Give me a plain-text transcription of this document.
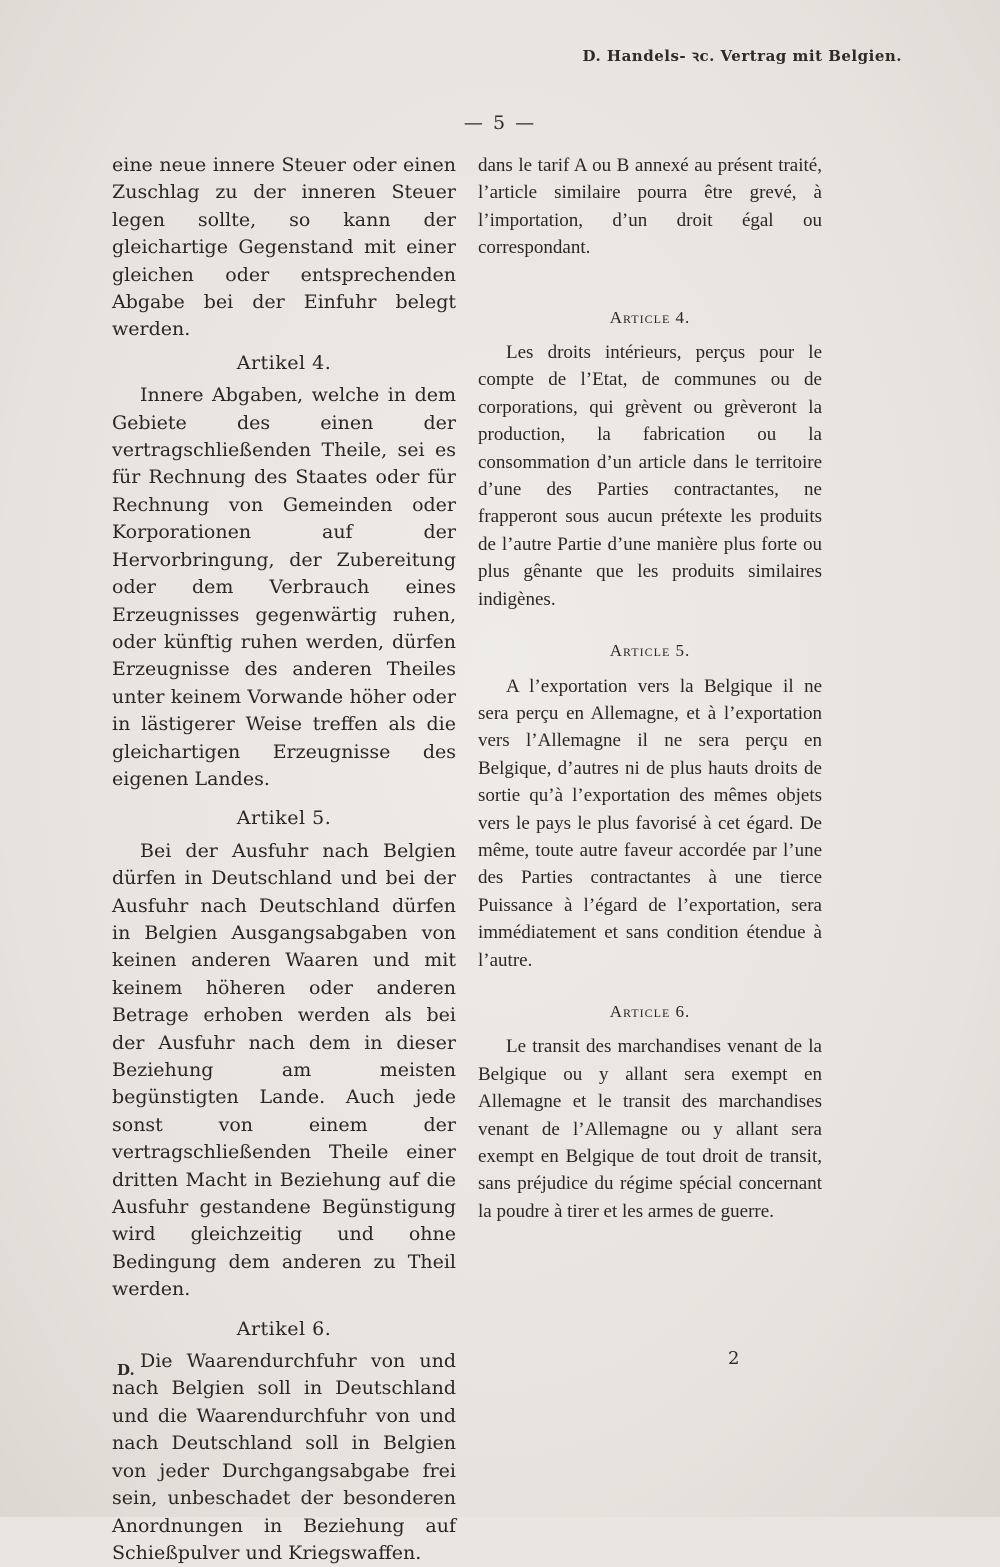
D. Handels- ꝛc. Vertrag mit Belgien.
— 5 —

eine neue innere Steuer oder einen Zuschlag zu der inneren Steuer legen sollte, so kann der gleichartige Gegenstand mit einer gleichen oder entsprechenden Abgabe bei der Einfuhr belegt werden.

Artikel 4.

Innere Abgaben, welche in dem Gebiete des einen der vertragschließenden Theile, sei es für Rechnung des Staates oder für Rechnung von Gemeinden oder Korporationen auf der Hervorbringung, der Zubereitung oder dem Verbrauch eines Erzeugnisses gegenwärtig ruhen, oder künftig ruhen werden, dürfen Erzeugnisse des anderen Theiles unter keinem Vorwande höher oder in lästigerer Weise treffen als die gleichartigen Erzeugnisse des eigenen Landes.

Artikel 5.

Bei der Ausfuhr nach Belgien dürfen in Deutschland und bei der Ausfuhr nach Deutschland dürfen in Belgien Ausgangsabgaben von keinen anderen Waaren und mit keinem höheren oder anderen Betrage erhoben werden als bei der Ausfuhr nach dem in dieser Beziehung am meisten begünstigten Lande. Auch jede sonst von einem der vertragschließenden Theile einer dritten Macht in Beziehung auf die Ausfuhr gestandene Begünstigung wird gleichzeitig und ohne Bedingung dem anderen zu Theil werden.

Artikel 6.

Die Waarendurchfuhr von und nach Belgien soll in Deutschland und die Waarendurchfuhr von und nach Deutschland soll in Belgien von jeder Durchgangsabgabe frei sein, unbeschadet der besonderen Anordnungen in Beziehung auf Schießpulver und Kriegswaffen.

dans le tarif A ou B annexé au présent traité, l’article similaire pourra être grevé, à l’importation, d’un droit égal ou correspondant.

Article 4.

Les droits intérieurs, perçus pour le compte de l’Etat, de communes ou de corporations, qui grèvent ou grèveront la production, la fabrication ou la consommation d’un article dans le territoire d’une des Parties contractantes, ne frapperont sous aucun prétexte les produits de l’autre Partie d’une manière plus forte ou plus gênante que les produits similaires indigènes.

Article 5.

A l’exportation vers la Belgique il ne sera perçu en Allemagne, et à l’exportation vers l’Allemagne il ne sera perçu en Belgique, d’autres ni de plus hauts droits de sortie qu’à l’exportation des mêmes objets vers le pays le plus favorisé à cet égard. De même, toute autre faveur accordée par l’une des Parties contractantes à une tierce Puissance à l’égard de l’exportation, sera immédiatement et sans condition étendue à l’autre.

Article 6.

Le transit des marchandises venant de la Belgique ou y allant sera exempt en Allemagne et le transit des marchandises venant de l’Allemagne ou y allant sera exempt en Belgique de tout droit de transit, sans préjudice du régime spécial concernant la poudre à tirer et les armes de guerre.

D.
2
